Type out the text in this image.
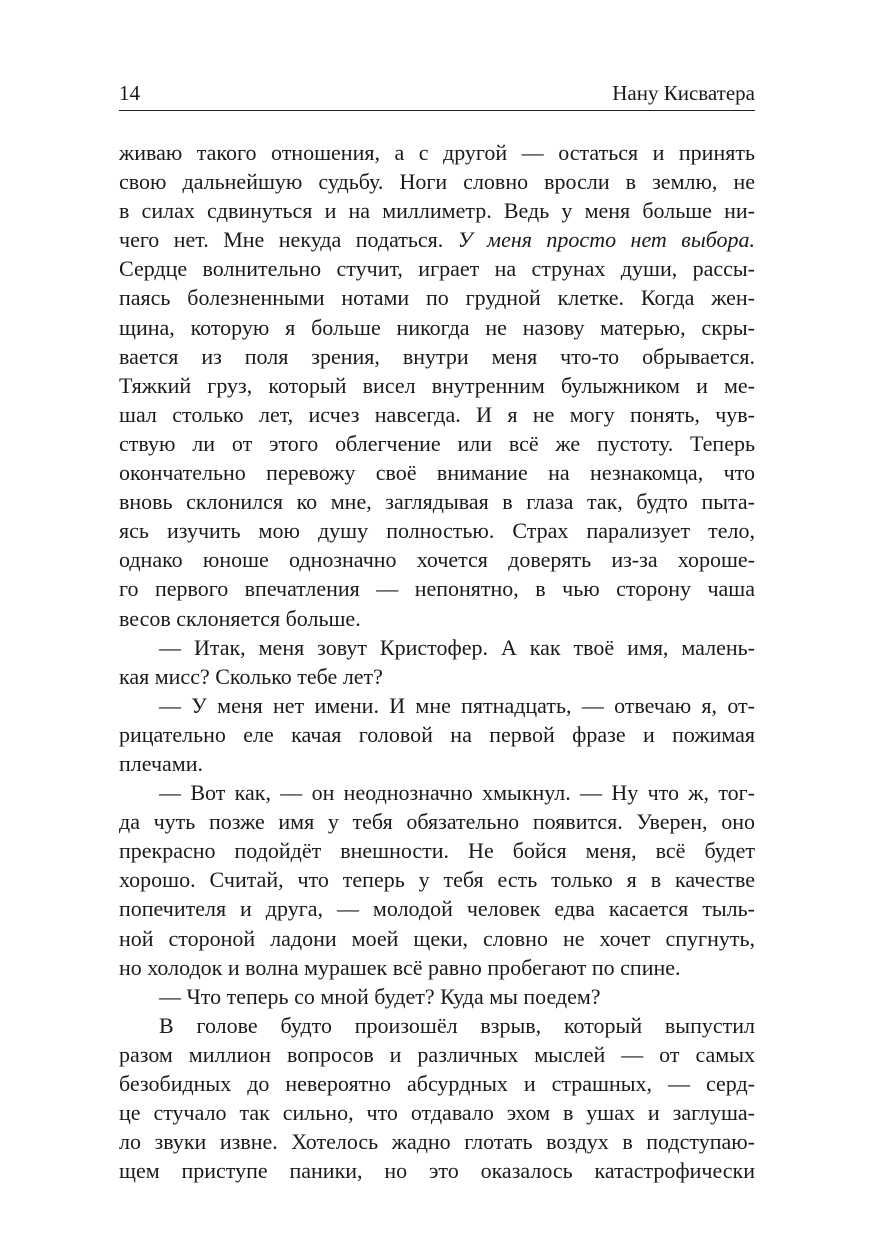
14	Нану Кисватера
живаю такого отношения, а с другой — остаться и принять
свою дальнейшую судьбу. Ноги словно вросли в землю, не
в силах сдвинуться и на миллиметр. Ведь у меня больше ни-
чего нет. Мне некуда податься. У меня просто нет выбора.
Сердце волнительно стучит, играет на струнах души, рассы-
паясь болезненными нотами по грудной клетке. Когда жен-
щина, которую я больше никогда не назову матерью, скры-
вается из поля зрения, внутри меня что-то обрывается.
Тяжкий груз, который висел внутренним булыжником и ме-
шал столько лет, исчез навсегда. И я не могу понять, чув-
ствую ли от этого облегчение или всё же пустоту. Теперь
окончательно перевожу своё внимание на незнакомца, что
вновь склонился ко мне, заглядывая в глаза так, будто пыта-
ясь изучить мою душу полностью. Страх парализует тело,
однако юноше однозначно хочется доверять из-за хороше-
го первого впечатления — непонятно, в чью сторону чаша
весов склоняется больше.
— Итак, меня зовут Кристофер. А как твоё имя, малень-
кая мисс? Сколько тебе лет?
— У меня нет имени. И мне пятнадцать, — отвечаю я, от-
рицательно еле качая головой на первой фразе и пожимая
плечами.
— Вот как, — он неоднозначно хмыкнул. — Ну что ж, тог-
да чуть позже имя у тебя обязательно появится. Уверен, оно
прекрасно подойдёт внешности. Не бойся меня, всё будет
хорошо. Считай, что теперь у тебя есть только я в качестве
попечителя и друга, — молодой человек едва касается тыль-
ной стороной ладони моей щеки, словно не хочет спугнуть,
но холодок и волна мурашек всё равно пробегают по спине.
— Что теперь со мной будет? Куда мы поедем?
В голове будто произошёл взрыв, который выпустил
разом миллион вопросов и различных мыслей — от самых
безобидных до невероятно абсурдных и страшных, — серд-
це стучало так сильно, что отдавало эхом в ушах и заглуша-
ло звуки извне. Хотелось жадно глотать воздух в подступаю-
щем приступе паники, но это оказалось катастрофически
